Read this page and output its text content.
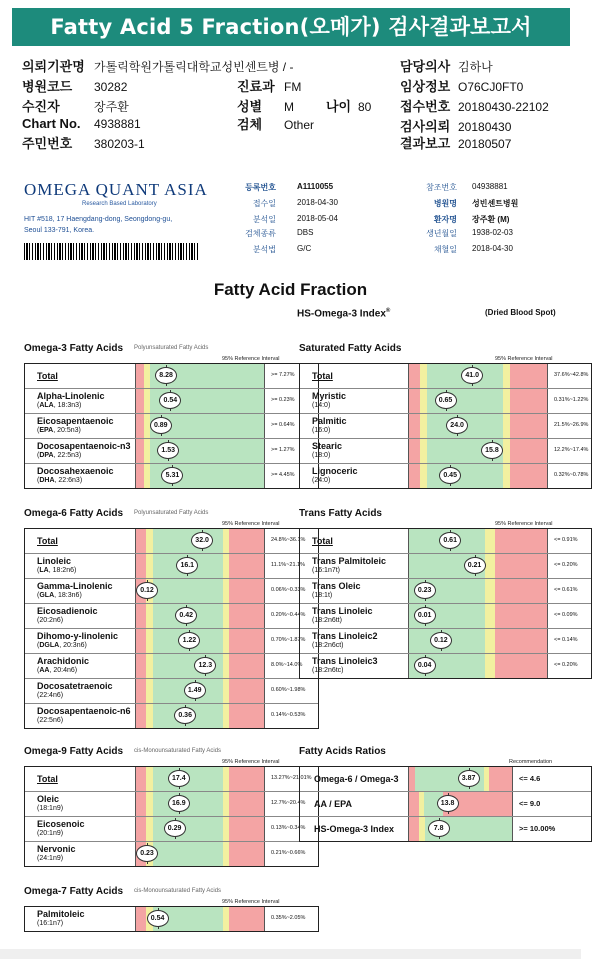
Fatty Acid 5 Fraction(오메가) 검사결과보고서
의뢰기관명 가톨릭학원가톨릭대학교성빈센트병 / -
병원코드 30282
수진자	장주환
Chart No. 4938881
주민번호 380203-1
진료과 FM
성별 M 나이 80
검체 Other
담당의사 김하나
임상정보 O76CJ0FT0
접수번호 20180430-22102
검사의뢰 20180430
결과보고 20180507
OMEGA QUANT ASIA
Research Based Laboratory
HIT #518, 17 Haengdang-dong, Seongdong-gu,
Seoul 133-791, Korea.
등록번호	A1110055
접수일	2018-04-30
분석일	2018-05-04
검체종류	DBS
분석법	G/C
참조번호 04938881
병원명 성빈센트병원
환자명 장주환 (M)
생년월일 1938-02-03
채혈일 2018-04-30
Fatty Acid Fraction
HS-Omega-3 Index®	(Dried Blood Spot)
Omega-3 Fatty Acids Polyunsaturated Fatty Acids
95% Reference Interval
Total	8.28	>= 7.27%
Alpha-Linolenic
(ALA, 18:3n3)
0.54	>= 0.23%
Eicosapentaenoic
(EPA, 20:5n3)
0.89	>= 0.64%
Docosapentaenoic-n3
(DPA, 22:5n3)
1.53	>= 1.27%
Docosahexaenoic
(DHA, 22:6n3)
5.31	>= 4.45%
Saturated Fatty Acids
95% Reference Interval
Total	41.0	37.6%~42.8%
Myristic
(14:0)
0.65	0.31%~1.22%
Palmitic
(16:0)
24.0	21.5%~26.9%
Stearic
(18:0)
15.8	12.2%~17.4%
Lignoceric
(24:0)
0.45	0.32%~0.78%
Omega-6 Fatty Acids Polyunsaturated Fatty Acids
95% Reference Interval
Total	32.0	24.8%~36.1%
Linoleic
(LA, 18:2n6)
16.1	11.1%~21.1%
Gamma-Linolenic
(GLA, 18:3n6)
0.12	0.06%~0.33%
Eicosadienoic
(20:2n6)
0.42	0.20%~0.44%
Dihomo-y-linolenic
(DGLA, 20:3n6)
1.22	0.70%~1.87%
Arachidonic
(AA, 20:4n6)
12.3	8.0%~14.0%
Docosatetraenoic
(22:4n6)
1.49	0.60%~1.98%
Docosapentaenoic-n6
(22:5n6)
0.36	0.14%~0.53%
Trans Fatty Acids
95% Reference Interval
Total	0.61	<= 0.91%
Trans Palmitoleic
(16:1n7t)
0.21	<= 0.20%
Trans Oleic
(18:1t)
0.23	<= 0.61%
Trans Linoleic
(18:2n6tt)
0.01	<= 0.09%
Trans Linoleic2
(18:2n6ct)
0.12	<= 0.14%
Trans Linoleic3
(18:2n6tc)
0.04	<= 0.20%
Omega-9 Fatty Acids cis-Monounsaturated Fatty Acids
95% Reference Interval
Total	17.4	13.27%~21.01%
Oleic
(18:1n9)
16.9	12.7%~20.4%
Eicosenoic
(20:1n9)
0.29	0.13%~0.34%
Nervonic
(24:1n9)
0.23	0.21%~0.66%
Fatty Acids Ratios
Recommendation
Omega-6 / Omega-3	3.87	<= 4.6
AA / EPA	13.8	<= 9.0
HS-Omega-3 Index	7.8	>= 10.00%
Omega-7 Fatty Acids cis-Monounsaturated Fatty Acids
95% Reference Interval
Palmitoleic
(16:1n7)
0.54	0.35%~2.05%
